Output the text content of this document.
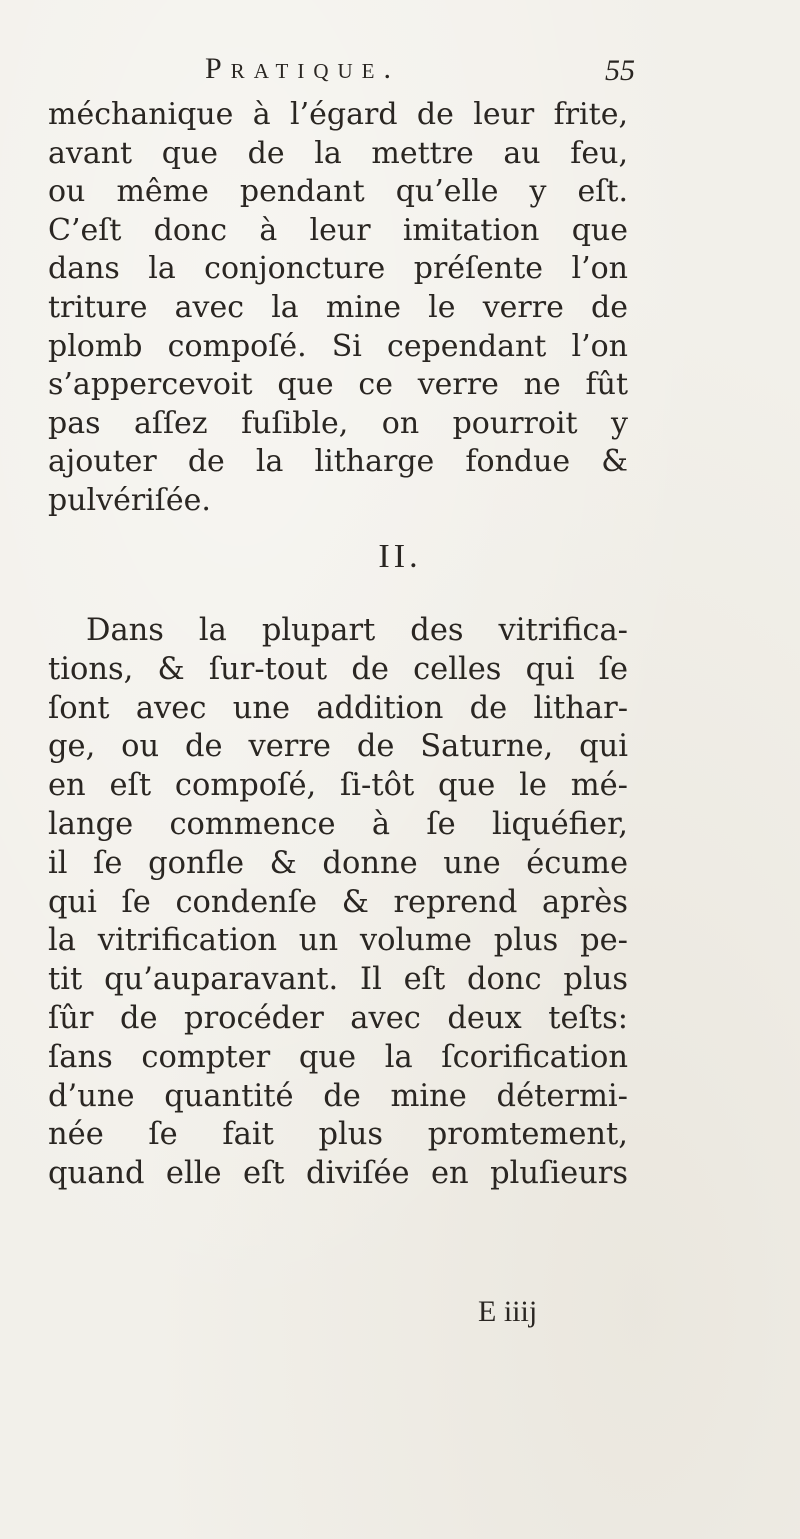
Pratique.	55
méchanique à l’égard de leur frite,
avant que de la mettre au feu,
ou même pendant qu’elle y eſt.
C’eſt donc à leur imitation que
dans la conjoncture préſente l’on
triture avec la mine le verre de
plomb compoſé. Si cependant l’on
s’appercevoit que ce verre ne fût
pas aſſez fuſible, on pourroit y
ajouter de la litharge fondue &
pulvériſée.
II.
Dans la plupart des vitrifica-
tions, & ſur-tout de celles qui ſe
ſont avec une addition de lithar-
ge, ou de verre de Saturne, qui
en eſt compoſé, ſi-tôt que le mé-
lange commence à ſe liquéfier,
il ſe gonfle & donne une écume
qui ſe condenſe & reprend après
la vitrification un volume plus pe-
tit qu’auparavant. Il eſt donc plus
ſûr de procéder avec deux teſts:
ſans compter que la ſcorification
d’une quantité de mine détermi-
née ſe fait plus promtement,
quand elle eſt diviſée en pluſieurs
E iiij
